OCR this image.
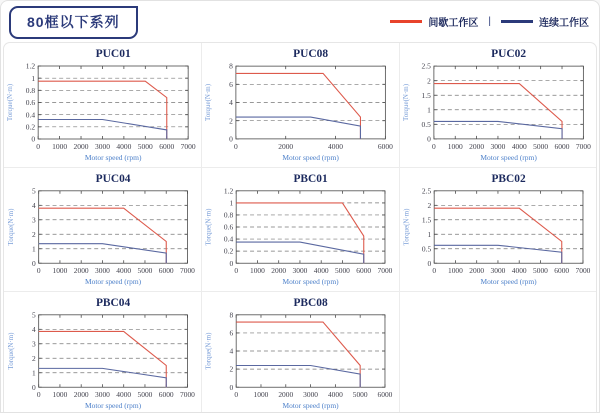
80框以下系列	间歇工作区 |	连续工作区
PUC01
0
0.2
0.4
0.6
0.8
1
1.2
0 1000 2000 3000 4000 5000 6000 7000
Motor speed (rpm)
Torque(N·m)
PUC08
0
2
4
6
8
0	2000	4000	6000
Motor speed (rpm)
Torque(N·m)
PUC02
0
0.5
1
1.5
2
2.5
0 1000 2000 3000 4000 5000 6000 7000
Motor speed (rpm)
Torque(N·m)
PUC04
0
1
2
3
4
5
0 1000 2000 3000 4000 5000 6000 7000
Motor speed (rpm)
Torque(N·m)
PBC01
0
0.2
0.4
0.6
0.8
1
1.2
0 1000 2000 3000 4000 5000 6000 7000
Motor speed (rpm)
Torque(N·m)
PBC02
0
0.5
1
1.5
2
2.5
0 1000 2000 3000 4000 5000 6000 7000
Motor speed (rpm)
Torque(N·m)
PBC04
0
1
2
3
4
5
0 1000 2000 3000 4000 5000 6000 7000
Motor speed (rpm)
Torque(N·m)
PBC08
0
2
4
6
8
0 1000 2000 3000 4000 5000 6000
Motor speed (rpm)
Torque(N·m)
